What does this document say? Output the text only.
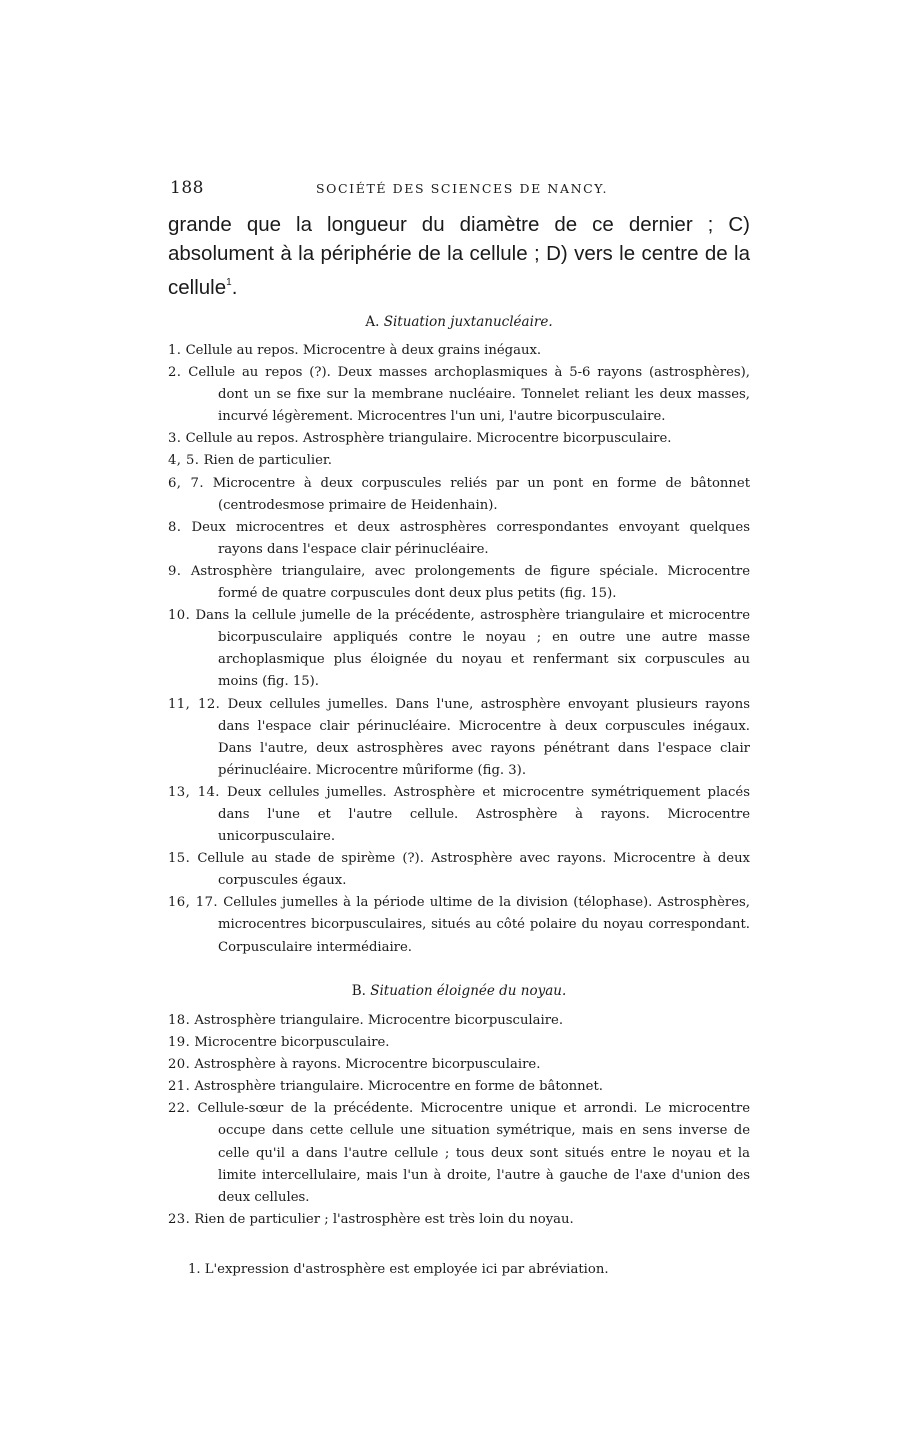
188	SOCIÉTÉ DES SCIENCES DE NANCY.

grande que la longueur du diamètre de ce dernier ; C) absolument à la périphérie de la cellule ; D) vers le centre de la cellule$^1$.

A. Situation juxtanucléaire.
1. Cellule au repos. Microcentre à deux grains inégaux.
2. Cellule au repos (?). Deux masses archoplasmiques à 5-6 rayons (astrosphères), dont un se fixe sur la membrane nucléaire. Tonnelet reliant les deux masses, incurvé légèrement. Microcentres l'un uni, l'autre bicorpusculaire.
3. Cellule au repos. Astrosphère triangulaire. Microcentre bicorpusculaire.
4, 5. Rien de particulier.
6, 7. Microcentre à deux corpuscules reliés par un pont en forme de bâtonnet (centrodesmose primaire de Heidenhain).
8. Deux microcentres et deux astrosphères correspondantes envoyant quelques rayons dans l'espace clair périnucléaire.
9. Astrosphère triangulaire, avec prolongements de figure spéciale. Microcentre formé de quatre corpuscules dont deux plus petits (fig. 15).
10. Dans la cellule jumelle de la précédente, astrosphère triangulaire et microcentre bicorpusculaire appliqués contre le noyau ; en outre une autre masse archoplasmique plus éloignée du noyau et renfermant six corpuscules au moins (fig. 15).
11, 12. Deux cellules jumelles. Dans l'une, astrosphère envoyant plusieurs rayons dans l'espace clair périnucléaire. Microcentre à deux corpuscules inégaux. Dans l'autre, deux astrosphères avec rayons pénétrant dans l'espace clair périnucléaire. Microcentre mûriforme (fig. 3).
13, 14. Deux cellules jumelles. Astrosphère et microcentre symétriquement placés dans l'une et l'autre cellule. Astrosphère à rayons. Microcentre unicorpusculaire.
15. Cellule au stade de spirème (?). Astrosphère avec rayons. Microcentre à deux corpuscules égaux.
16, 17. Cellules jumelles à la période ultime de la division (télophase). Astrosphères, microcentres bicorpusculaires, situés au côté polaire du noyau correspondant. Corpusculaire intermédiaire.
B. Situation éloignée du noyau.
18. Astrosphère triangulaire. Microcentre bicorpusculaire.
19. Microcentre bicorpusculaire.
20. Astrosphère à rayons. Microcentre bicorpusculaire.
21. Astrosphère triangulaire. Microcentre en forme de bâtonnet.
22. Cellule-sœur de la précédente. Microcentre unique et arrondi. Le microcentre occupe dans cette cellule une situation symétrique, mais en sens inverse de celle qu'il a dans l'autre cellule ; tous deux sont situés entre le noyau et la limite intercellulaire, mais l'un à droite, l'autre à gauche de l'axe d'union des deux cellules.
23. Rien de particulier ; l'astrosphère est très loin du noyau.
1. L'expression d'astrosphère est employée ici par abréviation.
